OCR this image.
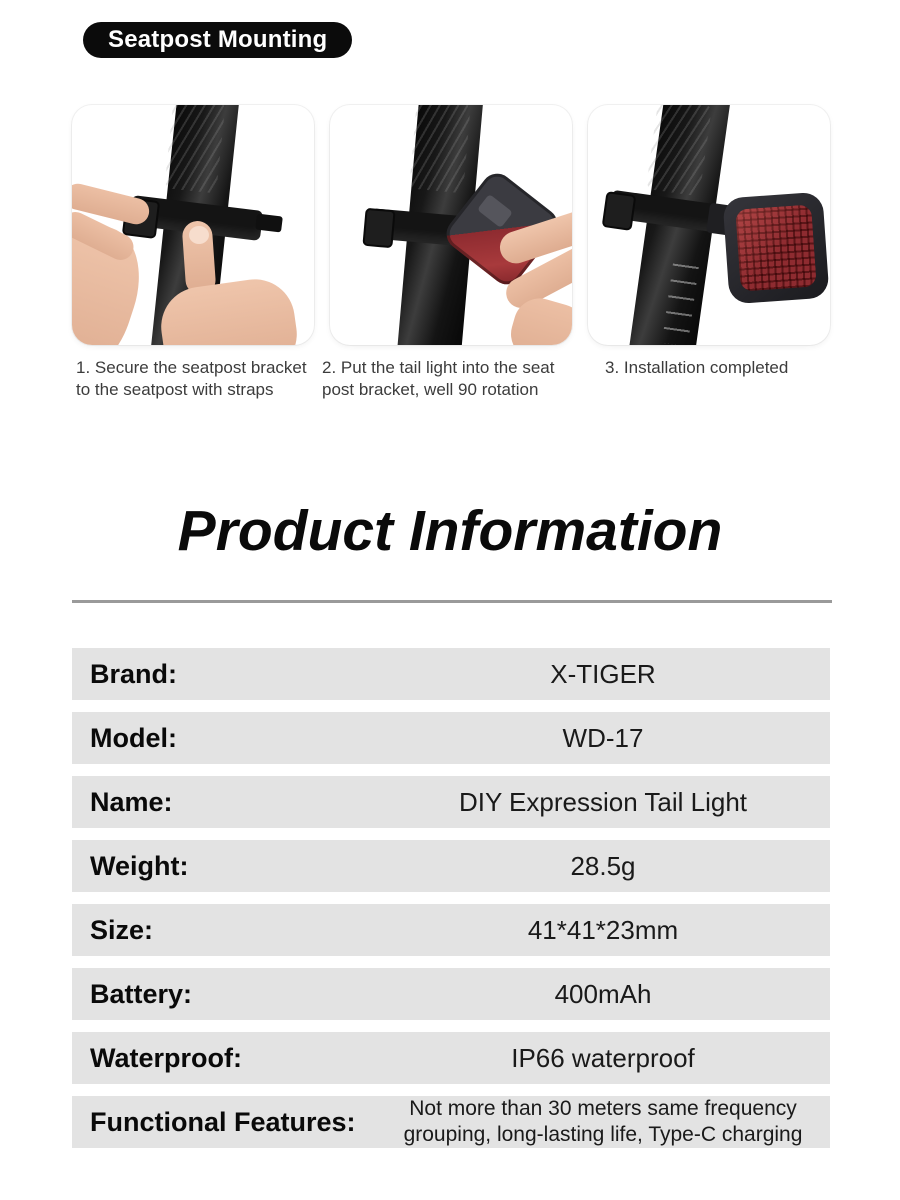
Seatpost Mounting
1. Secure the seatpost bracket to the seatpost with straps
2. Put the tail light into the seat post bracket, well 90 rotation
3. Installation completed
Product Information
Brand:	X-TIGER
Model:	WD-17
Name:	DIY Expression Tail Light
Weight:	28.5g
Size:	41*41*23mm
Battery:	400mAh
Waterproof:	IP66 waterproof
Functional Features:	Not more than 30 meters same frequency grouping, long-lasting life, Type-C charging
